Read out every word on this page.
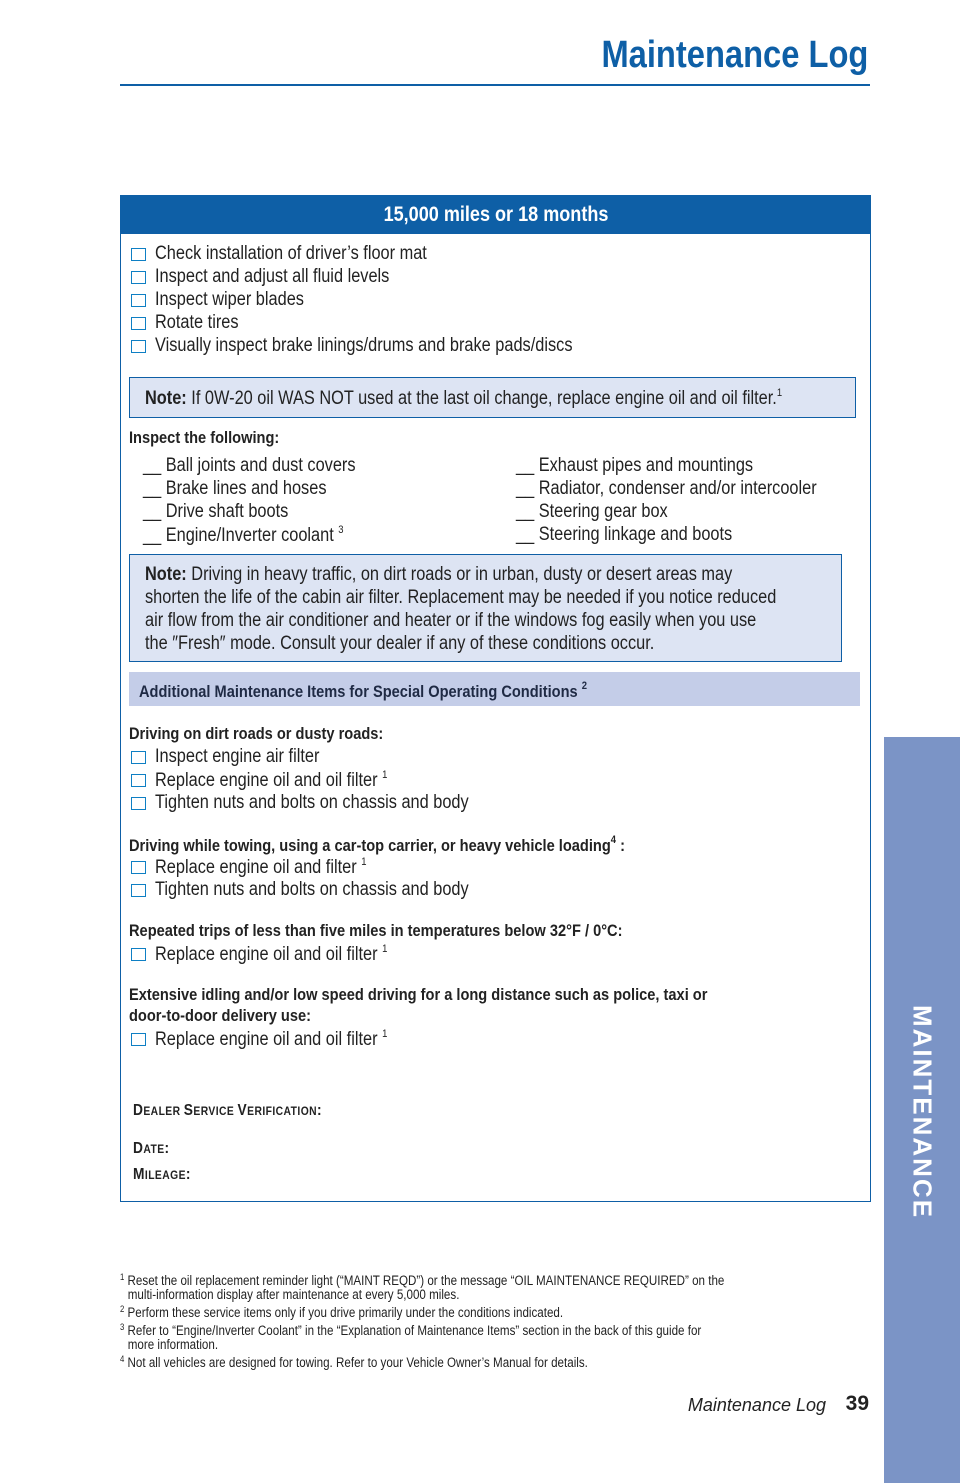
Maintenance Log
MAINTENANCE
15,000 miles or 18 months
Check installation of driver’s floor mat
Inspect and adjust all fluid levels
Inspect wiper blades
Rotate tires
Visually inspect brake linings/drums and brake pads/discs
Note: If 0W-20 oil WAS NOT used at the last oil change, replace engine oil and oil filter.$^1$
Inspect the following:
__ Ball joints and dust covers
__ Brake lines and hoses
__ Drive shaft boots
__ Engine/Inverter coolant $^3$
__ Exhaust pipes and mountings
__ Radiator, condenser and/or intercooler
__ Steering gear box
__ Steering linkage and boots
Note: Driving in heavy traffic, on dirt roads or in urban, dusty or desert areas may
shorten the life of the cabin air filter. Replacement may be needed if you notice reduced
air flow from the air conditioner and heater or if the windows fog easily when you use
the ″Fresh″ mode. Consult your dealer if any of these conditions occur.
Additional Maintenance Items for Special Operating Conditions $^2$
Driving on dirt roads or dusty roads:
Inspect engine air filter
Replace engine oil and oil filter $^1$
Tighten nuts and bolts on chassis and body
Driving while towing, using a car-top carrier, or heavy vehicle loading$^4$ :
Replace engine oil and filter $^1$
Tighten nuts and bolts on chassis and body
Repeated trips of less than five miles in temperatures below 32°F / 0°C:
Replace engine oil and oil filter $^1$
Extensive idling and/or low speed driving for a long distance such as police, taxi or
door-to-door delivery use:
Replace engine oil and oil filter $^1$
DEALER SERVICE VERIFICATION:
DATE:
MILEAGE:
$^1$ Reset the oil replacement reminder light (“MAINT REQD”) or the message “OIL MAINTENANCE REQUIRED” on the
multi-information display after maintenance at every 5,000 miles.
$^2$ Perform these service items only if you drive primarily under the conditions indicated.
$^3$ Refer to “Engine/Inverter Coolant” in the “Explanation of Maintenance Items” section in the back of this guide for
more information.
$^4$ Not all vehicles are designed for towing. Refer to your Vehicle Owner’s Manual for details.
Maintenance Log 39
